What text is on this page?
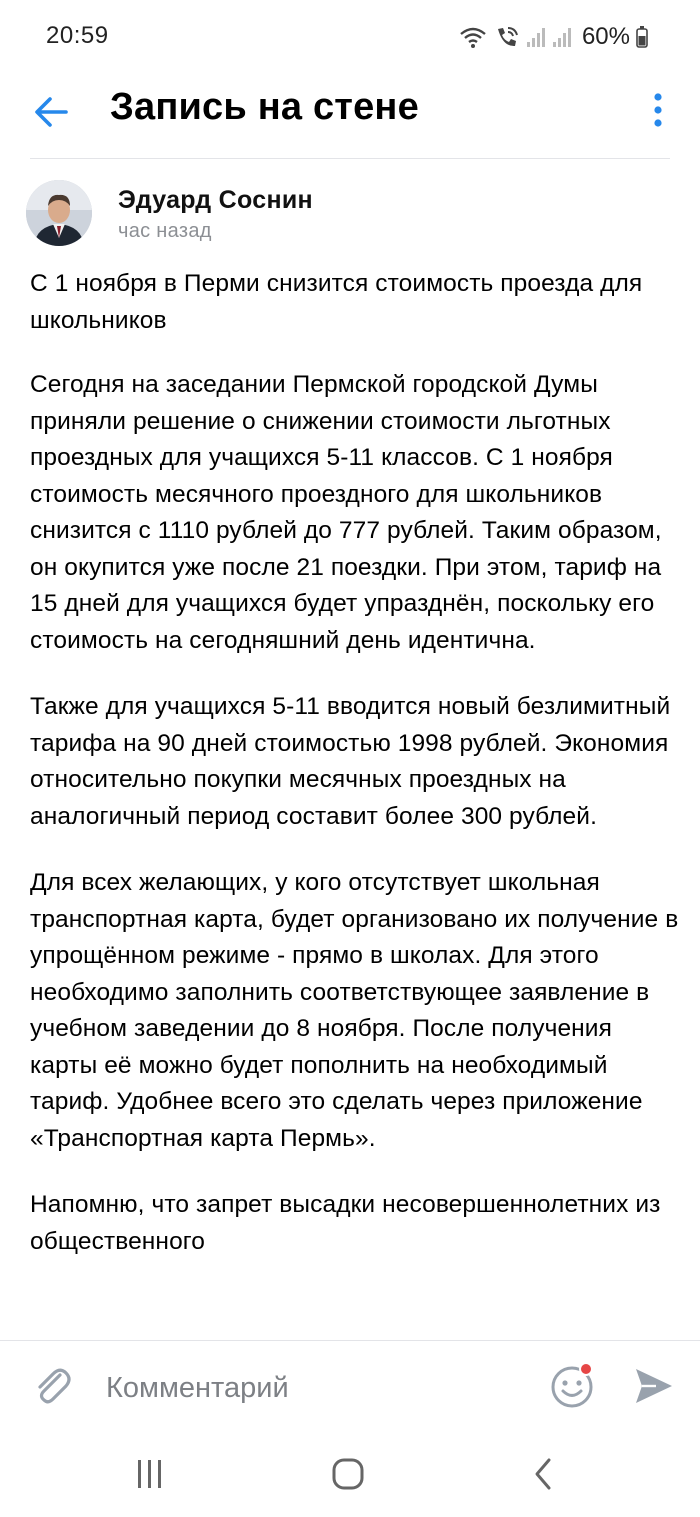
20:59	60%
Запись на стене
Эдуард Соснин
час назад

С 1 ноября в Перми снизится стоимость проезда для школьников

Сегодня на заседании Пермской городской Думы приняли решение о снижении стоимости льготных проездных для учащихся 5-11 классов. С 1 ноября стоимость месячного проездного для школьников снизится с 1110 рублей до 777 рублей. Таким образом, он окупится уже после 21 поездки. При этом, тариф на 15 дней для учащихся будет упразднён, поскольку его стоимость на сегодняшний день идентична.

Также для учащихся 5-11 вводится новый безлимитный тарифа на 90 дней стоимостью 1998 рублей. Экономия относительно покупки месячных проездных на аналогичный период составит более 300 рублей.

Для всех желающих, у кого отсутствует школьная транспортная карта, будет организовано их получение в упрощённом режиме - прямо в школах. Для этого необходимо заполнить соответствующее заявление в учебном заведении до 8 ноября. После получения карты её можно будет пополнить на необходимый тариф. Удобнее всего это сделать через приложение «Транспортная карта Пермь».

Напомню, что запрет высадки несовершеннолетних из общественного

Комментарий
